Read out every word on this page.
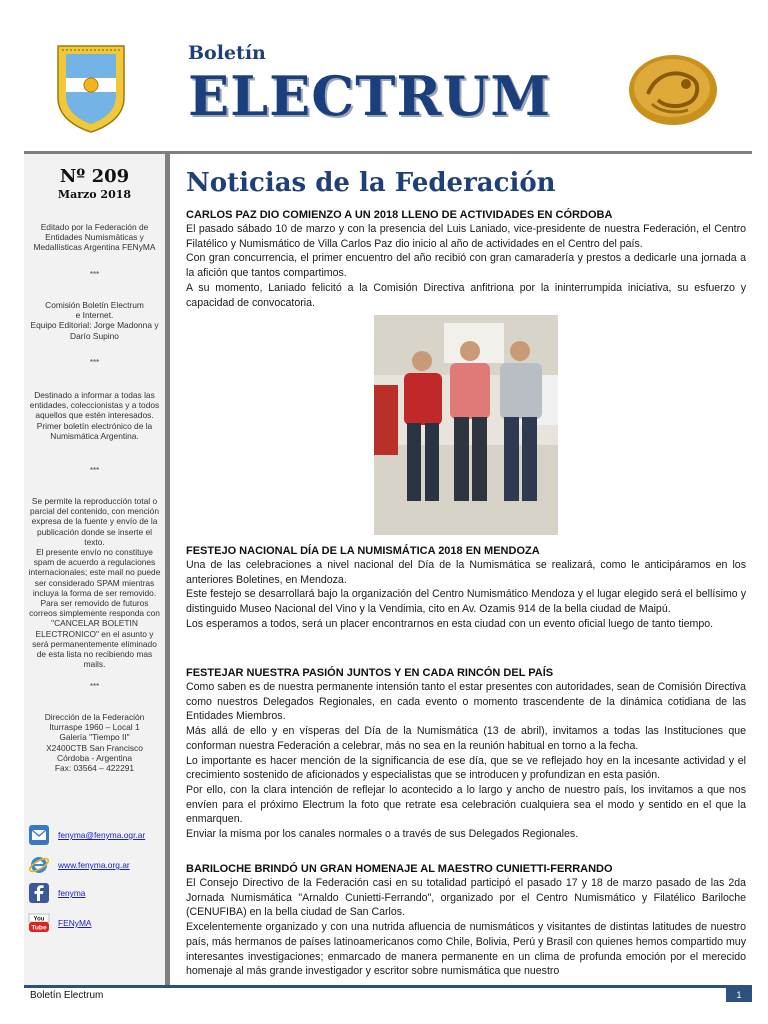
Boletín
ELECTRUM
Nº 209
Marzo 2018
Editado por la Federación de Entidades Numismáticas y Medallísticas Argentina FENyMA
***
Comisión Boletín Electrum
e Internet.
Equipo Editorial: Jorge Madonna y Darío Supino
***
Destinado a informar a todas las entidades, coleccionistas y a todos aquellos que estén interesados.
Primer boletín electrónico de la Numismática Argentina.
***
Se permite la reproducción total o parcial del contenido, con mención expresa de la fuente y envío de la publicación donde se inserte el texto.
El presente envío no constituye spam de acuerdo a regulaciones internacionales; este mail no puede ser considerado SPAM mientras incluya la forma de ser removido. Para ser removido de futuros correos simplemente responda con "CANCELAR BOLETIN ELECTRONICO" en el asunto y será permanentemente eliminado de esta lista no recibiendo mas mails.
***
Dirección de la Federación
Iturraspe 1960 – Local 1
Galería "Tiempo II"
X2400CTB San Francisco
Córdoba - Argentina
Fax: 03564 – 422291
fenyma@fenyma.ogr.ar
www.fenyma.org.ar
fenyma
You
Tube
FENyMA
Noticias de la Federación
CARLOS PAZ DIO COMIENZO A UN 2018 LLENO DE ACTIVIDADES EN CÓRDOBA

El pasado sábado 10 de marzo y con la presencia del Luis Laniado, vice-presidente de nuestra Federación, el Centro Filatélico y Numismático de Villa Carlos Paz dio inicio al año de actividades en el Centro del país.

Con gran concurrencia, el primer encuentro del año recibió con gran camaradería y prestos a dedicarle una jornada a la afición que tantos compartimos.

A su momento, Laniado felicitó a la Comisión Directiva anfitriona por la ininterrumpida iniciativa, su esfuerzo y capacidad de convocatoria.

FESTEJO NACIONAL DÍA DE LA NUMISMÁTICA 2018 EN MENDOZA

Una de las celebraciones a nivel nacional del Día de la Numismática se realizará, como le anticipáramos en los anteriores Boletines, en Mendoza.

Este festejo se desarrollará bajo la organización del Centro Numismático Mendoza y el lugar elegido será el bellísimo y distinguido Museo Nacional del Vino y la Vendimia, cito en Av. Ozamis 914 de la bella ciudad de Maipú.

Los esperamos a todos, será un placer encontrarnos en esta ciudad con un evento oficial luego de tanto tiempo.

FESTEJAR NUESTRA PASIÓN JUNTOS Y EN CADA RINCÓN DEL PAÍS

Como saben es de nuestra permanente intensión tanto el estar presentes con autoridades, sean de Comisión Directiva como nuestros Delegados Regionales, en cada evento o momento trascendente de la dinámica cotidiana de las Entidades Miembros.

Más allá de ello y en vísperas del Día de la Numismática (13 de abril), invitamos a todas las Instituciones que conforman nuestra Federación a celebrar, más no sea en la reunión habitual en torno a la fecha.

Lo importante es hacer mención de la significancia de ese día, que se ve reflejado hoy en la incesante actividad y el crecimiento sostenido de aficionados y especialistas que se introducen y profundizan en esta pasión.

Por ello, con la clara intención de reflejar lo acontecido a lo largo y ancho de nuestro país, los invitamos a que nos envíen para el próximo Electrum la foto que retrate esa celebración cualquiera sea el modo y sentido en el que la enmarquen.

Enviar la misma por los canales normales o a través de sus Delegados Regionales.

BARILOCHE BRINDÓ UN GRAN HOMENAJE AL MAESTRO CUNIETTI-FERRANDO

El Consejo Directivo de la Federación casi en su totalidad participó el pasado 17 y 18 de marzo pasado de las 2da Jornada Numismática "Arnaldo Cunietti-Ferrando", organizado por el Centro Numismático y Filatélico Bariloche (CENUFIBA) en la bella ciudad de San Carlos.

Excelentemente organizado y con una nutrida afluencia de numismáticos y visitantes de distintas latitudes de nuestro país, más hermanos de países latinoamericanos como Chile, Bolivia, Perú y Brasil con quienes hemos compartido muy interesantes investigaciones; enmarcado de manera permanente en un clima de profunda emoción por el merecido homenaje al más grande investigador y escritor sobre numismática que nuestro

Boletín Electrum	1
